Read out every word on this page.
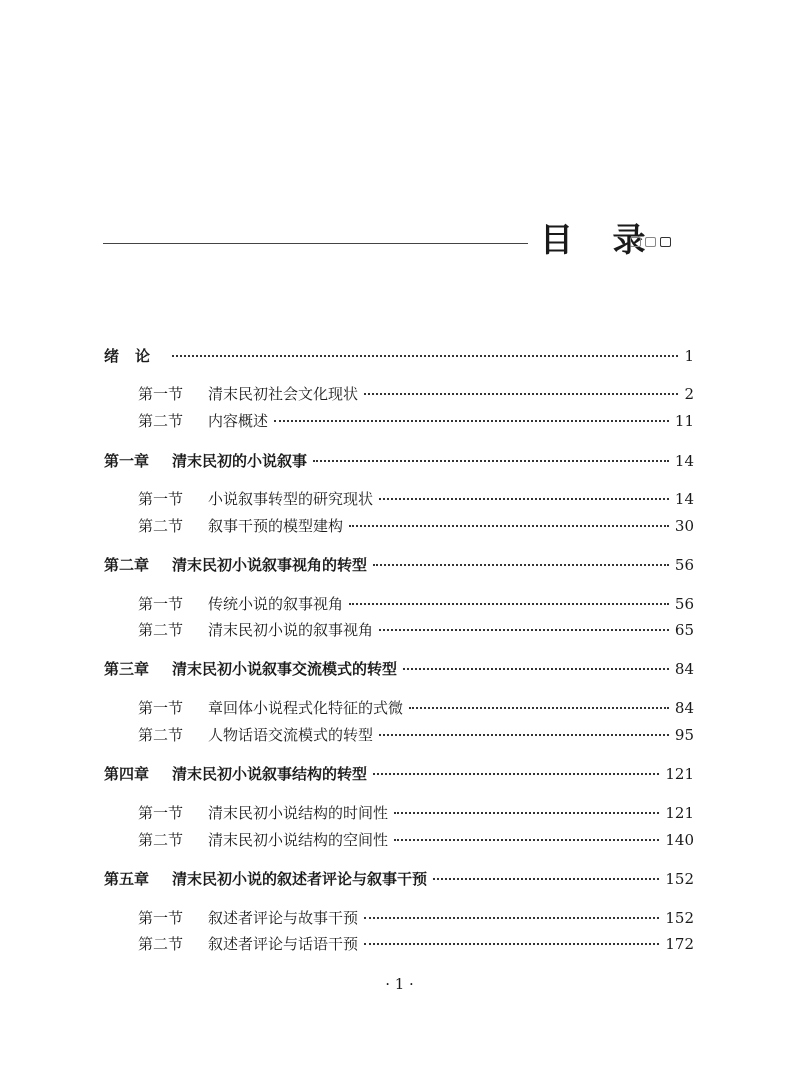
目 录
绪论	1
第一节	清末民初社会文化现状	2
第二节	内容概述	11
第一章	清末民初的小说叙事	14
第一节	小说叙事转型的研究现状	14
第二节	叙事干预的模型建构	30
第二章	清末民初小说叙事视角的转型	56
第一节	传统小说的叙事视角	56
第二节	清末民初小说的叙事视角	65
第三章	清末民初小说叙事交流模式的转型	84
第一节	章回体小说程式化特征的式微	84
第二节	人物话语交流模式的转型	95
第四章	清末民初小说叙事结构的转型	121
第一节	清末民初小说结构的时间性	121
第二节	清末民初小说结构的空间性	140
第五章	清末民初小说的叙述者评论与叙事干预	152
第一节	叙述者评论与故事干预	152
第二节	叙述者评论与话语干预	172
· 1 ·
